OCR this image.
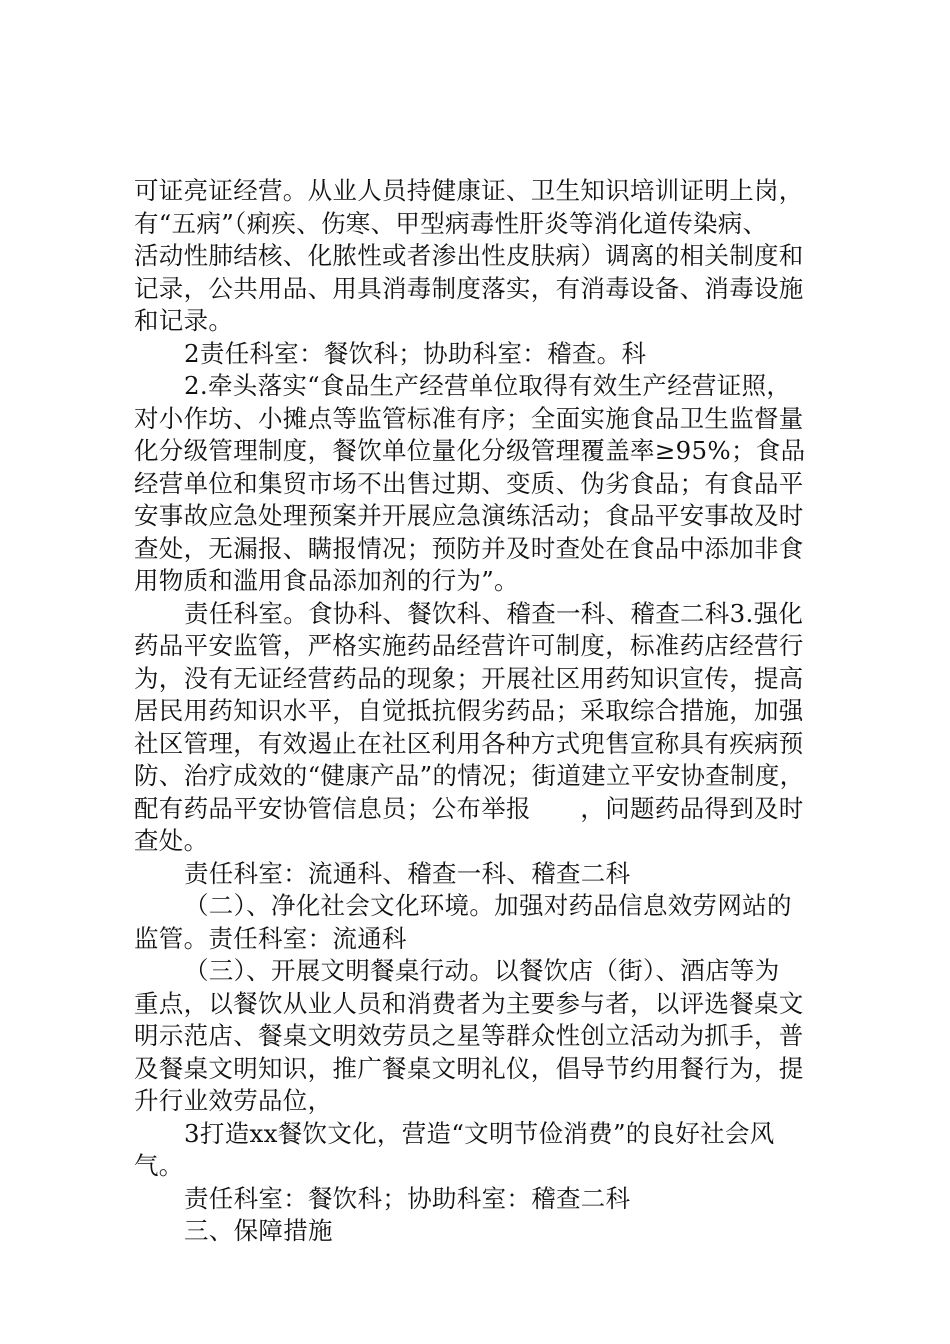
可证亮证经营。从业人员持健康证、卫生知识培训证明上岗，
有“五病”（痢疾、伤寒、甲型病毒性肝炎等消化道传染病、
活动性肺结核、化脓性或者渗出性皮肤病）调离的相关制度和
记录，公共用品、用具消毒制度落实，有消毒设备、消毒设施
和记录。

2责任科室：餐饮科；协助科室：稽查。科

2.牵头落实“食品生产经营单位取得有效生产经营证照，
对小作坊、小摊点等监管标准有序；全面实施食品卫生监督量
化分级管理制度，餐饮单位量化分级管理覆盖率≥95%；食品
经营单位和集贸市场不出售过期、变质、伪劣食品；有食品平
安事故应急处理预案并开展应急演练活动；食品平安事故及时
查处，无漏报、瞒报情况；预防并及时查处在食品中添加非食
用物质和滥用食品添加剂的行为”。

责任科室。食协科、餐饮科、稽查一科、稽查二科3.强化
药品平安监管，严格实施药品经营许可制度，标准药店经营行
为，没有无证经营药品的现象；开展社区用药知识宣传，提高
居民用药知识水平，自觉抵抗假劣药品；采取综合措施，加强
社区管理，有效遏止在社区利用各种方式兜售宣称具有疾病预
防、治疗成效的“健康产品”的情况；街道建立平安协查制度，
配有药品平安协管信息员；公布举报　　，问题药品得到及时
查处。

责任科室：流通科、稽查一科、稽查二科

（二）、净化社会文化环境。加强对药品信息效劳网站的
监管。责任科室：流通科

（三）、开展文明餐桌行动。以餐饮店（街）、酒店等为
重点，以餐饮从业人员和消费者为主要参与者，以评选餐桌文
明示范店、餐桌文明效劳员之星等群众性创立活动为抓手，普
及餐桌文明知识，推广餐桌文明礼仪，倡导节约用餐行为，提
升行业效劳品位，

3打造xx餐饮文化，营造“文明节俭消费”的良好社会风
气。

责任科室：餐饮科；协助科室：稽查二科

三、保障措施
